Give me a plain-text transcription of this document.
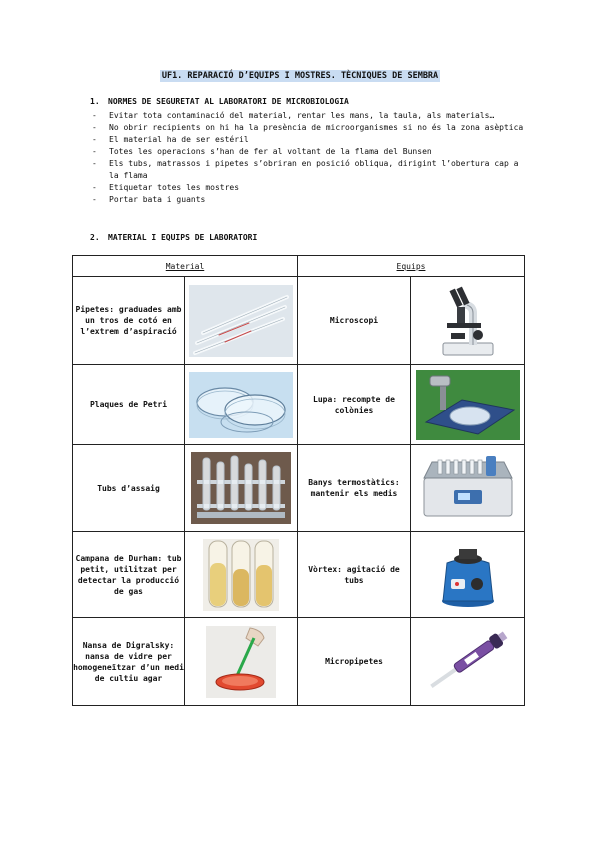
UF1. REPARACIÓ D’EQUIPS I MOSTRES. TÈCNIQUES DE SEMBRA
1. NORMES DE SEGURETAT AL LABORATORI DE MICROBIOLOGIA
- Evitar tota contaminació del material, rentar les mans, la taula, als materials…
- No obrir recipients on hi ha la presència de microorganismes si no és la zona asèptica
- El material ha de ser estéril
- Totes les operacions s’han de fer al voltant de la flama del Bunsen
- Els tubs, matrassos i pipetes s’obriran en posició obliqua, dirigint l’obertura cap a la flama
- Etiquetar totes les mostres
- Portar bata i guants
2. MATERIAL I EQUIPS DE LABORATORI
Material		Equips	
Pipetes: graduades amb un tros de cotó en l’extrem d’aspiració		Microscopi	

Plaques de Petri		Lupa: recompte de colònies	

Tubs d’assaig		Banys termostàtics: mantenir els medis	

Campana de Durham: tub petit, utilitzat per detectar la producció de gas		Vòrtex: agitació de tubs	

Nansa de Digralsky: nansa de vidre per homogeneïtzar d’un medi de cultiu agar		Micropipetes	
